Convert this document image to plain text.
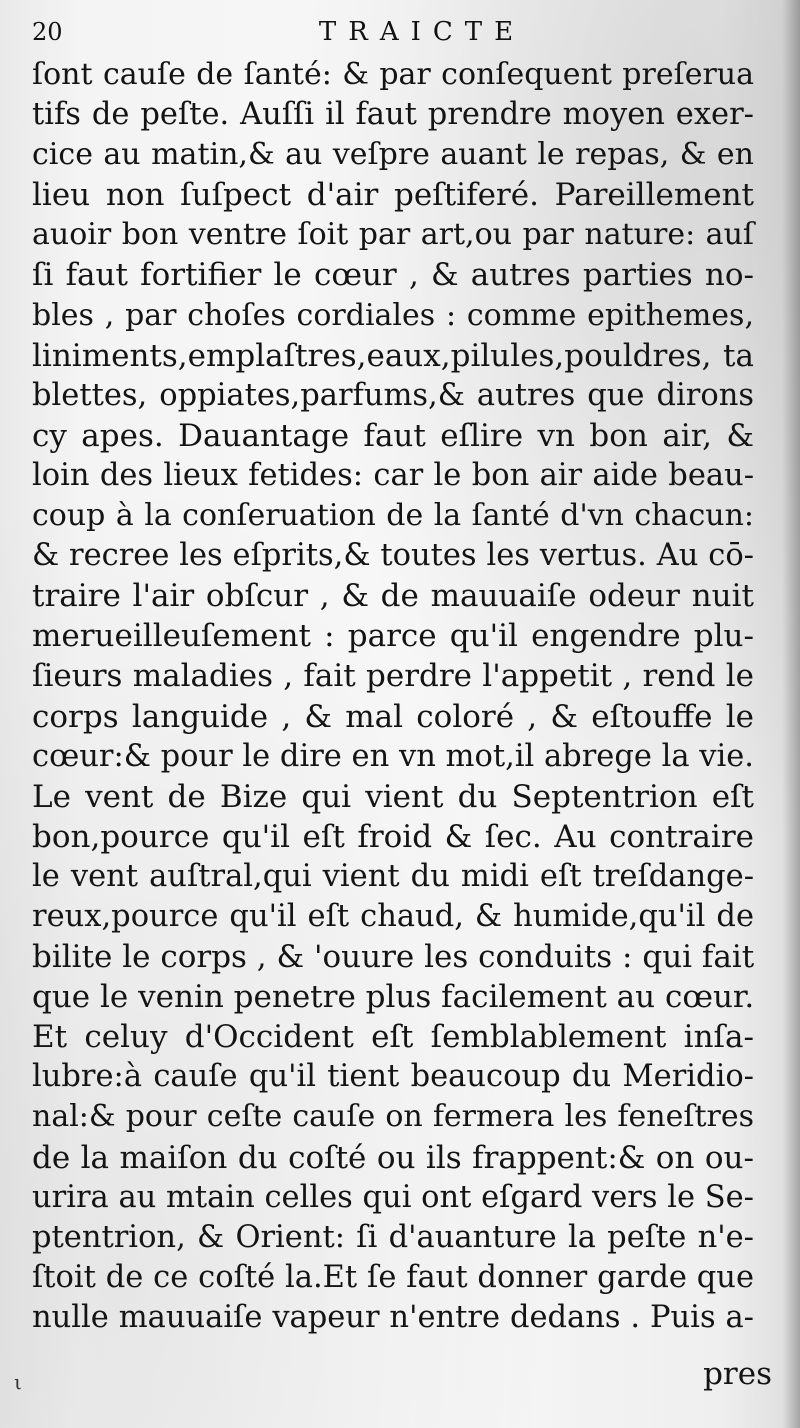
20	TRAICTE
ſont cauſe de ſanté: & par conſequent preſerua
tifs de peſte. Auſſi il faut prendre moyen exer-
cice au matin,& au veſpre auant le repas, & en
lieu non ſuſpect d'air peſtiferé. Pareillement
auoir bon ventre ſoit par art,ou par nature: auſ
ſi faut fortifier le cœur , & autres parties no-
bles , par choſes cordiales : comme epithemes,
liniments,emplaſtres,eaux,pilules,pouldres, ta
blettes, oppiates,parfums,& autres que dirons
cy apes. Dauantage faut eſlire vn bon air, &
loin des lieux fetides: car le bon air aide beau-
coup à la conſeruation de la ſanté d'vn chacun:
& recree les eſprits,& toutes les vertus. Au cō-
traire l'air obſcur , & de mauuaiſe odeur nuit
merueilleuſement : parce qu'il engendre plu-
ſieurs maladies , fait perdre l'appetit , rend le
corps languide , & mal coloré , & eſtouffe le
cœur:& pour le dire en vn mot,il abrege la vie.
Le vent de Bize qui vient du Septentrion eſt
bon,pource qu'il eſt froid & ſec. Au contraire
le vent auſtral,qui vient du midi eſt treſdange-
reux,pource qu'il eſt chaud, & humide,qu'il de
bilite le corps , & 'ouure les conduits : qui fait
que le venin penetre plus facilement au cœur.
Et celuy d'Occident eſt ſemblablement inſa-
lubre:à cauſe qu'il tient beaucoup du Meridio-
nal:& pour ceſte cauſe on fermera les feneſtres
de la maiſon du coſté ou ils frappent:& on ou-
urira au mtain celles qui ont eſgard vers le Se-
ptentrion, & Orient: ſi d'auanture la peſte n'e-
ſtoit de ce coſté la.Et ſe faut donner garde que
nulle mauuaiſe vapeur n'entre dedans . Puis a-
pres
ι
